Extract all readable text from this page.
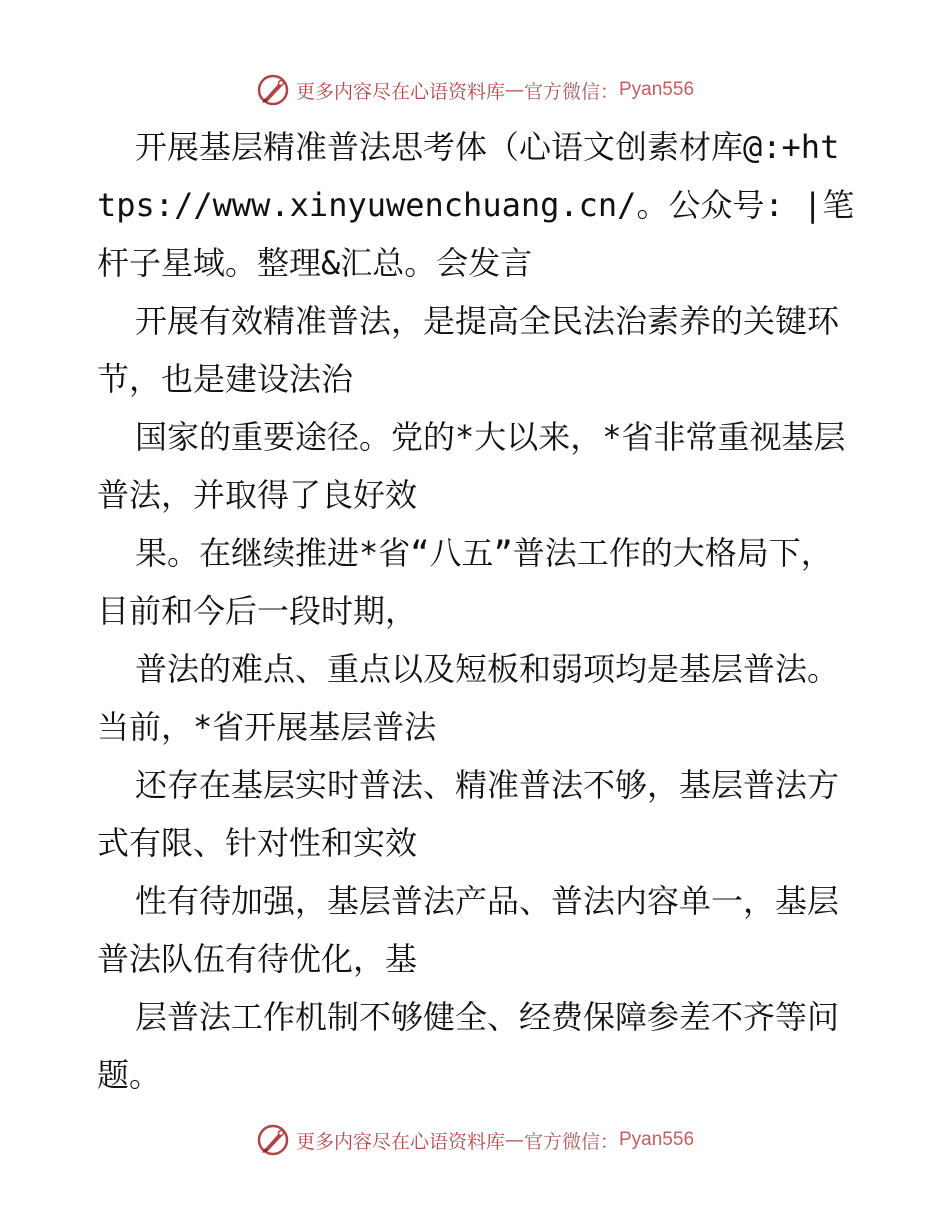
更多内容尽在心语资料库 — 官方微信： Pyan556

开展基层精准普法思考体（心语文创素材库@:+https://www.xinyuwenchuang.cn/。公众号: |笔杆子星域。整理&汇总。会发言

开展有效精准普法，是提高全民法治素养的关键环节，也是建设法治

国家的重要途径。党的*大以来，*省非常重视基层普法，并取得了良好效

果。在继续推进*省“八五”普法工作的大格局下，目前和今后一段时期，

普法的难点、重点以及短板和弱项均是基层普法。当前，*省开展基层普法

还存在基层实时普法、精准普法不够，基层普法方式有限、针对性和实效

性有待加强，基层普法产品、普法内容单一，基层普法队伍有待优化，基

层普法工作机制不够健全、经费保障参差不齐等问题。

更多内容尽在心语资料库 — 官方微信： Pyan556
